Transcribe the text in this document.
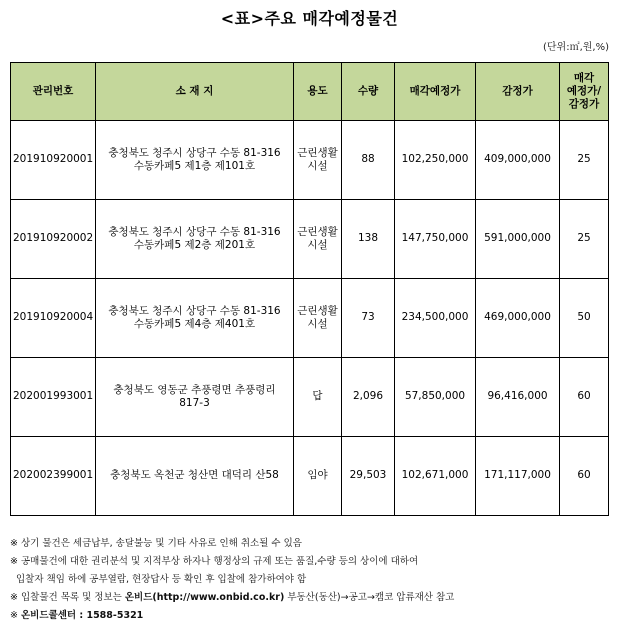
<표>주요 매각예정물건
(단위:㎡,원,%)
관리번호	소 재 지	용도	수량	매각예정가	감정가	매각
예정가/
감정가
201910920001	충청북도 청주시 상당구 수동 81-316
수동카페5 제1층 제101호	근린생활시설	88	102,250,000	409,000,000	25
201910920002	충청북도 청주시 상당구 수동 81-316
수동카페5 제2층 제201호	근린생활시설	138	147,750,000	591,000,000	25
201910920004	충청북도 청주시 상당구 수동 81-316
수동카페5 제4층 제401호	근린생활시설	73	234,500,000	469,000,000	50
202001993001	충청북도 영동군 추풍령면 추풍령리
817-3	답	2,096	57,850,000	96,416,000	60
202002399001	충청북도 옥천군 청산면 대덕리 산58	임야	29,503	102,671,000	171,117,000	60
※ 상기 물건은 세금납부, 송달불능 및 기타 사유로 인해 취소될 수 있음
※ 공매물건에 대한 권리분석 및 지적부상 하자나 행정상의 규제 또는 품질,수량 등의 상이에 대하여
입찰자 책임 하에 공부열람, 현장답사 등 확인 후 입찰에 참가하여야 함
※ 입찰물건 목록 및 정보는 온비드(http://www.onbid.co.kr) 부동산(동산)→공고→캠코 압류재산 참고
※ 온비드콜센터 : 1588-5321
